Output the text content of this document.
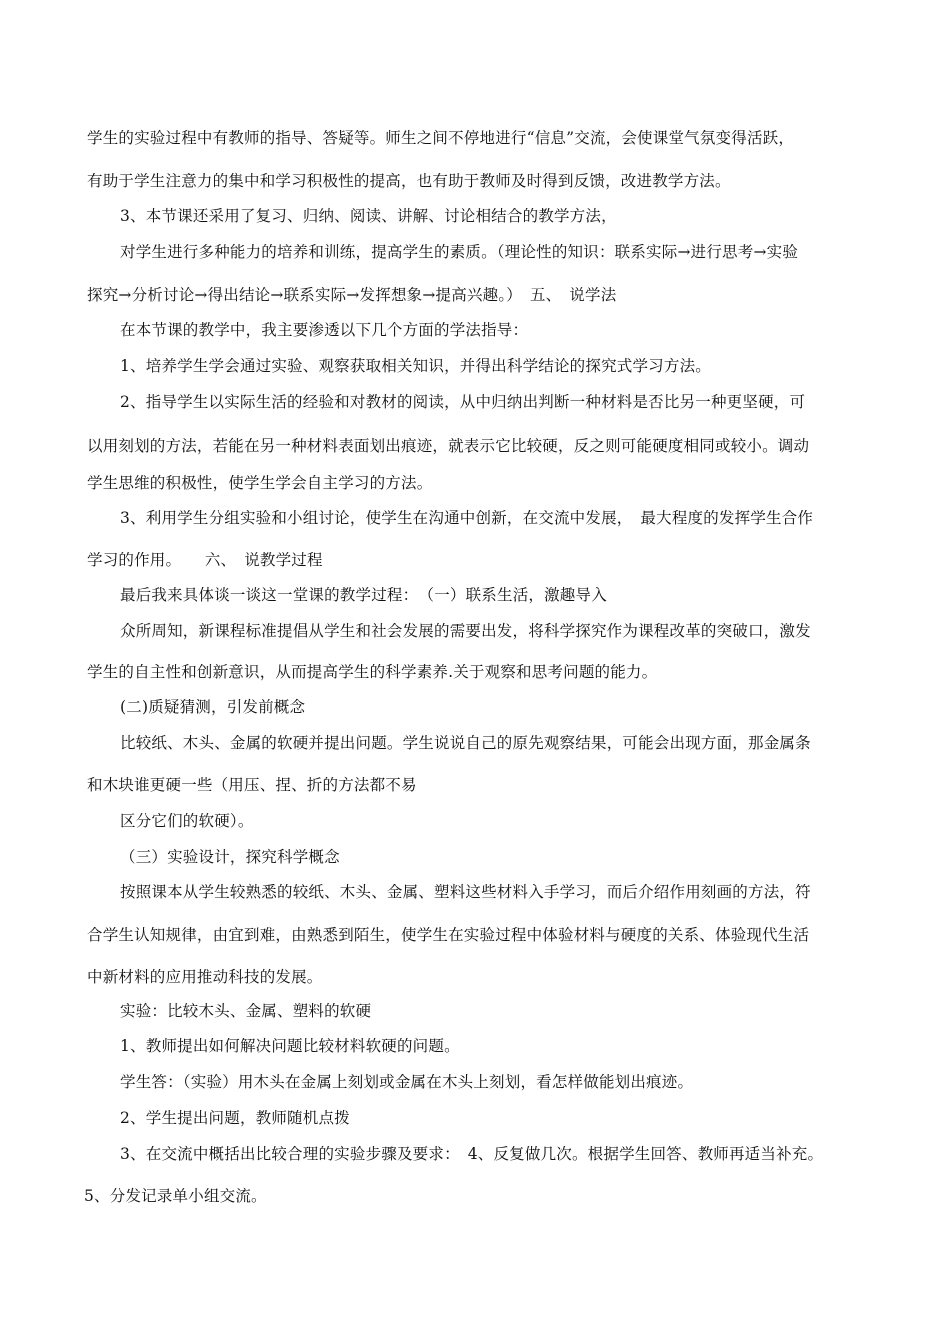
学生的实验过程中有教师的指导、答疑等。师生之间不停地进行“信息”交流，会使课堂气氛变得活跃，
有助于学生注意力的集中和学习积极性的提高，也有助于教师及时得到反馈，改进教学方法。
3、本节课还采用了复习、归纳、阅读、讲解、讨论相结合的教学方法，
对学生进行多种能力的培养和训练，提高学生的素质。（理论性的知识：联系实际→进行思考→实验
探究→分析讨论→得出结论→联系实际→发挥想象→提高兴趣。）　五、　说学法
在本节课的教学中，我主要渗透以下几个方面的学法指导：
1、培养学生学会通过实验、观察获取相关知识，并得出科学结论的探究式学习方法。
2、指导学生以实际生活的经验和对教材的阅读，从中归纳出判断一种材料是否比另一种更坚硬，可
以用刻划的方法，若能在另一种材料表面划出痕迹，就表示它比较硬，反之则可能硬度相同或较小。调动
学生思维的积极性，使学生学会自主学习的方法。
3、利用学生分组实验和小组讨论，使学生在沟通中创新，在交流中发展，　最大程度的发挥学生合作
学习的作用。　　六、　说教学过程
最后我来具体谈一谈这一堂课的教学过程：　（一）联系生活，激趣导入
众所周知，新课程标准提倡从学生和社会发展的需要出发，将科学探究作为课程改革的突破口，激发
学生的自主性和创新意识，从而提高学生的科学素养.关于观察和思考问题的能力。
(二)质疑猜测，引发前概念
比较纸、木头、金属的软硬并提出问题。学生说说自己的原先观察结果，可能会出现方面，那金属条
和木块谁更硬一些（用压、捏、折的方法都不易
区分它们的软硬）。
（三）实验设计，探究科学概念
按照课本从学生较熟悉的较纸、木头、金属、塑料这些材料入手学习，而后介绍作用刻画的方法，符
合学生认知规律，由宜到难，由熟悉到陌生，使学生在实验过程中体验材料与硬度的关系、体验现代生活
中新材料的应用推动科技的发展。
实验：比较木头、金属、塑料的软硬
1、教师提出如何解决问题比较材料软硬的问题。
学生答：（实验）用木头在金属上刻划或金属在木头上刻划，看怎样做能划出痕迹。
2、学生提出问题，教师随机点拨
3、在交流中概括出比较合理的实验步骤及要求：　4、反复做几次。根据学生回答、教师再适当补充。
5、分发记录单小组交流。
